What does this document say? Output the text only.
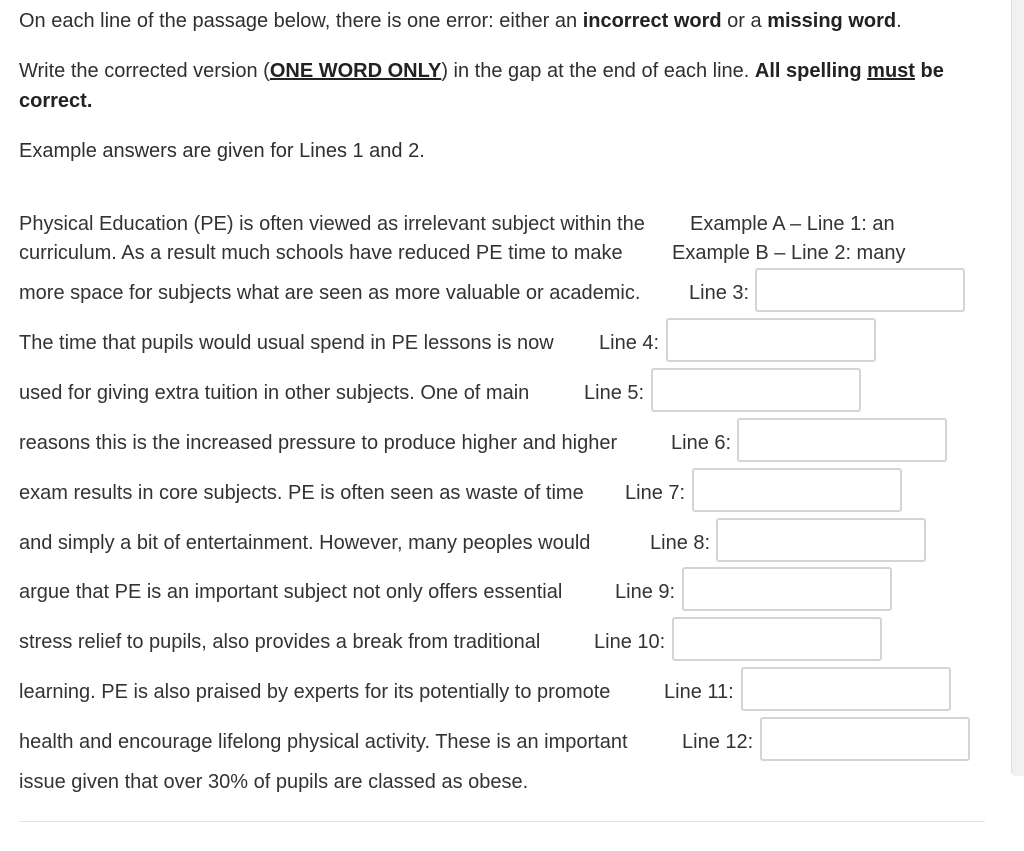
On each line of the passage below, there is one error: either an incorrect word or a missing word.

Write the corrected version (ONE WORD ONLY) in the gap at the end of each line. All spelling must be correct.

Example answers are given for Lines 1 and 2.

Physical Education (PE) is often viewed as irrelevant subject within the
curriculum. As a result much schools have reduced PE time to make
more space for subjects what are seen as more valuable or academic.
The time that pupils would usual spend in PE lessons is now
used for giving extra tuition in other subjects. One of main
reasons this is the increased pressure to produce higher and higher
exam results in core subjects. PE is often seen as waste of time
and simply a bit of entertainment. However, many peoples would
argue that PE is an important subject not only offers essential
stress relief to pupils, also provides a break from traditional
learning. PE is also praised by experts for its potentially to promote
health and encourage lifelong physical activity. These is an important
issue given that over 30% of pupils are classed as obese.
Example A – Line 1: an
Example B – Line 2: many
Line 3:
Line 4:
Line 5:
Line 6:
Line 7:
Line 8:
Line 9:
Line 10:
Line 11:
Line 12:
